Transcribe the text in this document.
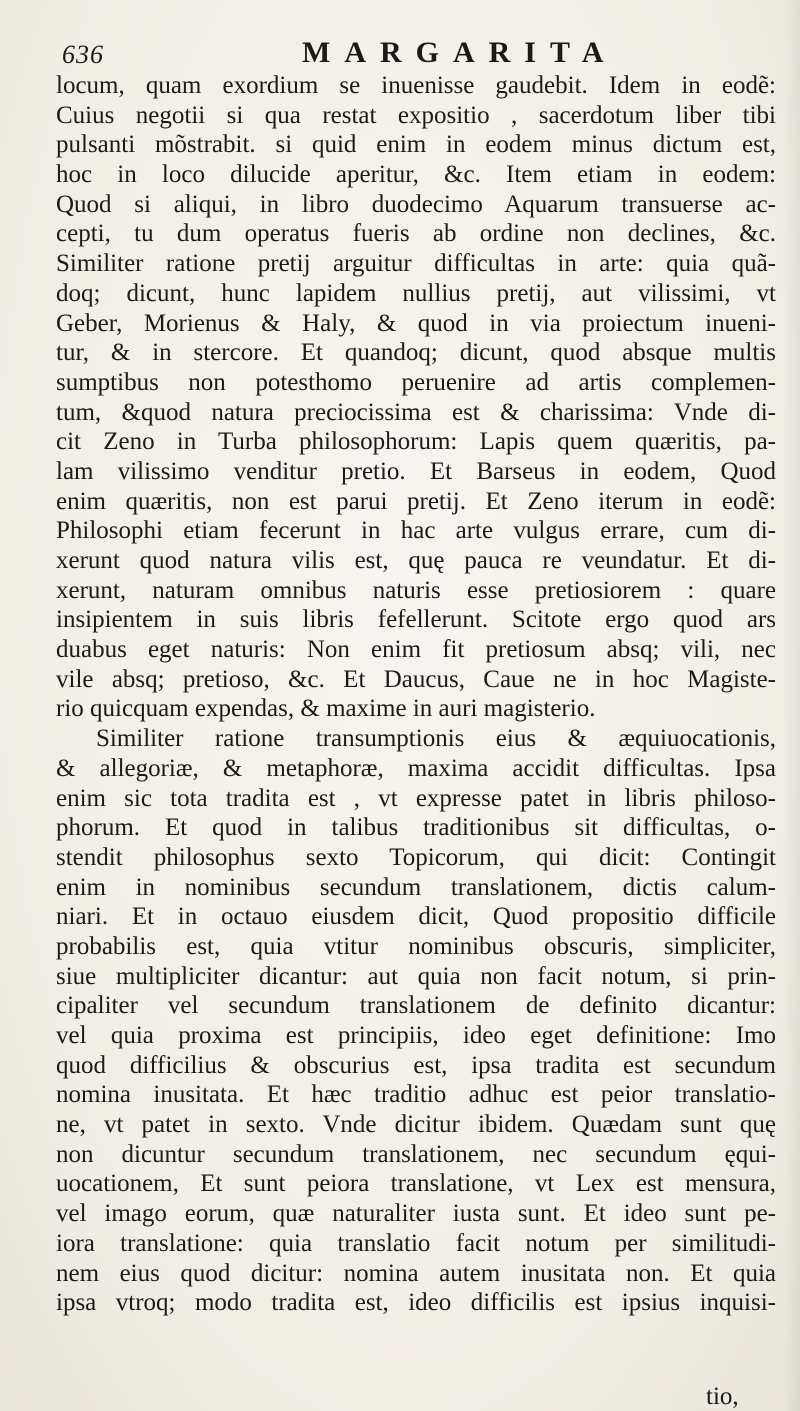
636	MARGARITA
locum, quam exordium se inuenisse gaudebit. Idem in eodẽ:
Cuius negotii si qua restat expositio , sacerdotum liber tibi
pulsanti mõstrabit. si quid enim in eodem minus dictum est,
hoc in loco dilucide aperitur, &c. Item etiam in eodem:
Quod si aliqui, in libro duodecimo Aquarum transuerse ac-
cepti, tu dum operatus fueris ab ordine non declines, &c.
Similiter ratione pretij arguitur difficultas in arte: quia quã-
doq; dicunt, hunc lapidem nullius pretij, aut vilissimi, vt
Geber, Morienus & Haly, & quod in via proiectum inueni-
tur, & in stercore. Et quandoq; dicunt, quod absque multis
sumptibus non potesthomo peruenire ad artis complemen-
tum, &quod natura preciocissima est & charissima: Vnde di-
cit Zeno in Turba philosophorum: Lapis quem quæritis, pa-
lam vilissimo venditur pretio. Et Barseus in eodem, Quod
enim quæritis, non est parui pretij. Et Zeno iterum in eodẽ:
Philosophi etiam fecerunt in hac arte vulgus errare, cum di-
xerunt quod natura vilis est, quę pauca re veundatur. Et di-
xerunt, naturam omnibus naturis esse pretiosiorem : quare
insipientem in suis libris fefellerunt. Scitote ergo quod ars
duabus eget naturis: Non enim fit pretiosum absq; vili, nec
vile absq; pretioso, &c. Et Daucus, Caue ne in hoc Magiste-
rio quicquam expendas, & maxime in auri magisterio.
Similiter ratione transumptionis eius & æquiuocationis,
& allegoriæ, & metaphoræ, maxima accidit difficultas. Ipsa
enim sic tota tradita est , vt expresse patet in libris philoso-
phorum. Et quod in talibus traditionibus sit difficultas, o-
stendit philosophus sexto Topicorum, qui dicit: Contingit
enim in nominibus secundum translationem, dictis calum-
niari. Et in octauo eiusdem dicit, Quod propositio difficile
probabilis est, quia vtitur nominibus obscuris, simpliciter,
siue multipliciter dicantur: aut quia non facit notum, si prin-
cipaliter vel secundum translationem de definito dicantur:
vel quia proxima est principiis, ideo eget definitione: Imo
quod difficilius & obscurius est, ipsa tradita est secundum
nomina inusitata. Et hæc traditio adhuc est peior translatio-
ne, vt patet in sexto. Vnde dicitur ibidem. Quædam sunt quę
non dicuntur secundum translationem, nec secundum ęqui-
uocationem, Et sunt peiora translatione, vt Lex est mensura,
vel imago eorum, quæ naturaliter iusta sunt. Et ideo sunt pe-
iora translatione: quia translatio facit notum per similitudi-
nem eius quod dicitur: nomina autem inusitata non. Et quia
ipsa vtroq; modo tradita est, ideo difficilis est ipsius inquisi-
tio,
